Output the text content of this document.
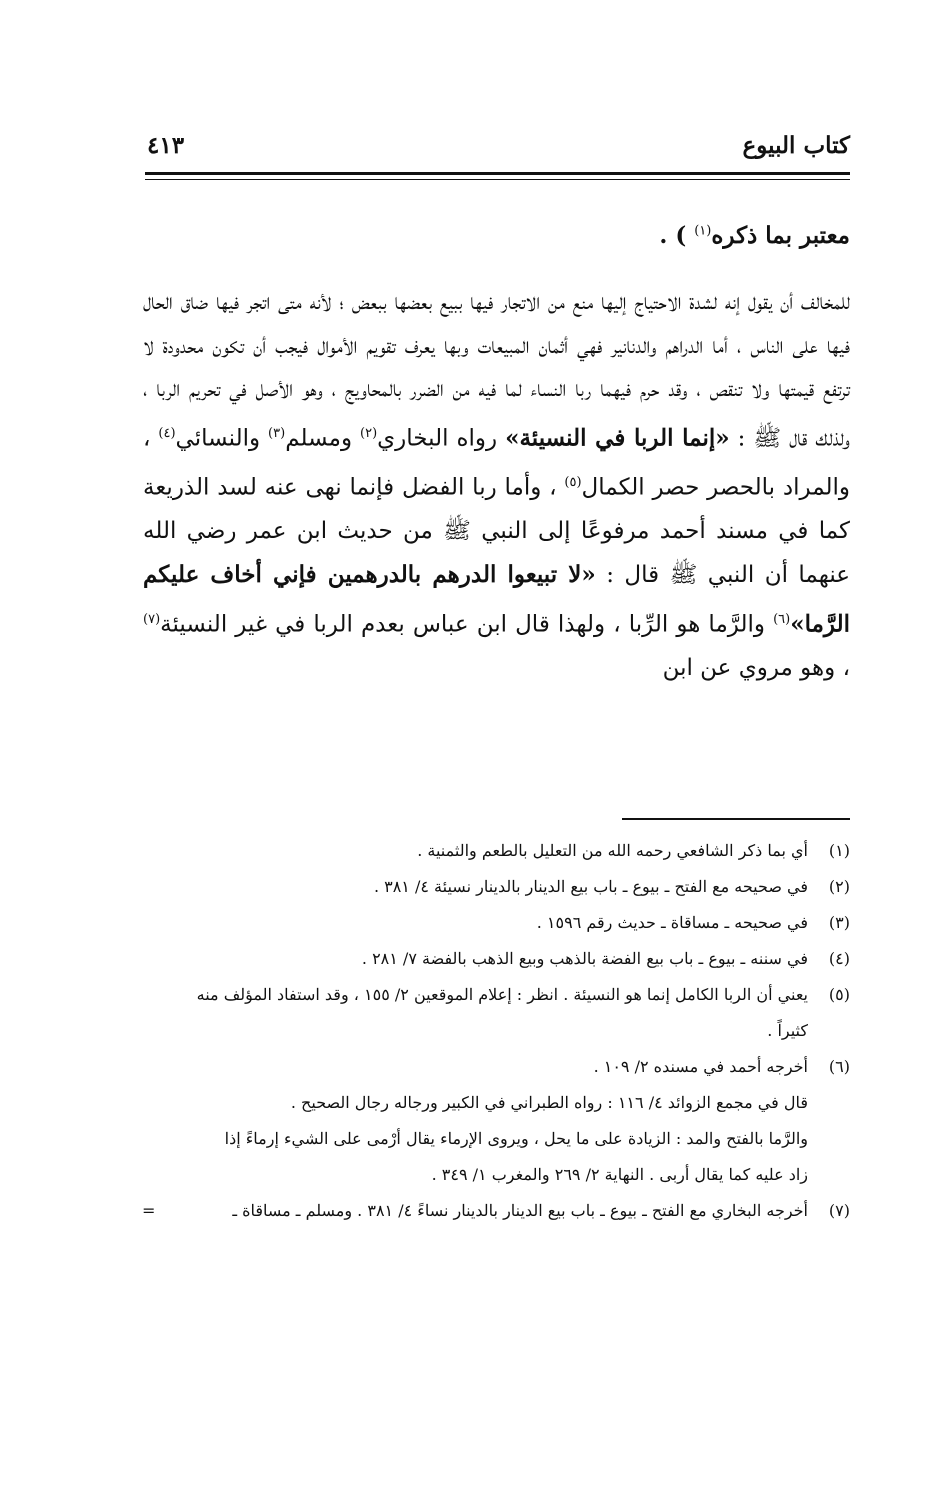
كتاب البيوع
٤١٣
معتبر بما ذكره$^{(١)}$ ) .
للمخالف أن يقول إنه لشدة الاحتياج إليها منع من الاتجار فيها ببيع بعضها ببعض ؛ لأنه متى اتجر فيها ضاق الحال فيها على الناس ، أما الدراهم والدنانير فهي أثمان المبيعات وبها يعرف تقويم الأموال فيجب أن تكون محدودة لا ترتفع قيمتها ولا تنقص ، وقد حرم فيهما ربا النساء لما فيه من الضرر بالمحاويج ، وهو الأصل في تحريم الربا ، ولذلك قال ﷺ : «إنما الربا في النسيئة» رواه البخاري$^{(٢)}$ ومسلم$^{(٣)}$ والنسائي$^{(٤)}$ ، والمراد بالحصر حصر الكمال$^{(٥)}$ ، وأما ربا الفضل فإنما نهى عنه لسد الذريعة كما في مسند أحمد مرفوعًا إلى النبي ﷺ من حديث ابن عمر رضي الله عنهما أن النبي ﷺ قال : «لا تبيعوا الدرهم بالدرهمين فإني أخاف عليكم الرَّما»$^{(٦)}$ والرَّما هو الرِّبا ، ولهذا قال ابن عباس بعدم الربا في غير النسيئة$^{(٧)}$ ، وهو مروي عن ابن
(١)
أي بما ذكر الشافعي رحمه الله من التعليل بالطعم والثمنية .
(٢)
في صحيحه مع الفتح ـ بيوع ـ باب بيع الدينار بالدينار نسيئة ٤/ ٣٨١ .
(٣)
في صحيحه ـ مساقاة ـ حديث رقم ١٥٩٦ .
(٤)
في سننه ـ بيوع ـ باب بيع الفضة بالذهب وبيع الذهب بالفضة ٧/ ٢٨١ .
(٥)
يعني أن الربا الكامل إنما هو النسيئة . انظر : إعلام الموقعين ٢/ ١٥٥ ، وقد استفاد المؤلف منه
كثيراً .
(٦)
أخرجه أحمد في مسنده ٢/ ١٠٩ .
قال في مجمع الزوائد ٤/ ١١٦ : رواه الطبراني في الكبير ورجاله رجال الصحيح .
والرَّما بالفتح والمد : الزيادة على ما يحل ، ويروى الإرماء يقال أرْمى على الشيء إرماءً إذا
زاد عليه كما يقال أربى . النهاية ٢/ ٢٦٩ والمغرب ١/ ٣٤٩ .
(٧)
أخرجه البخاري مع الفتح ـ بيوع ـ باب بيع الدينار بالدينار نساءً ٤/ ٣٨١ . ومسلم ـ مساقاة ـ
=
